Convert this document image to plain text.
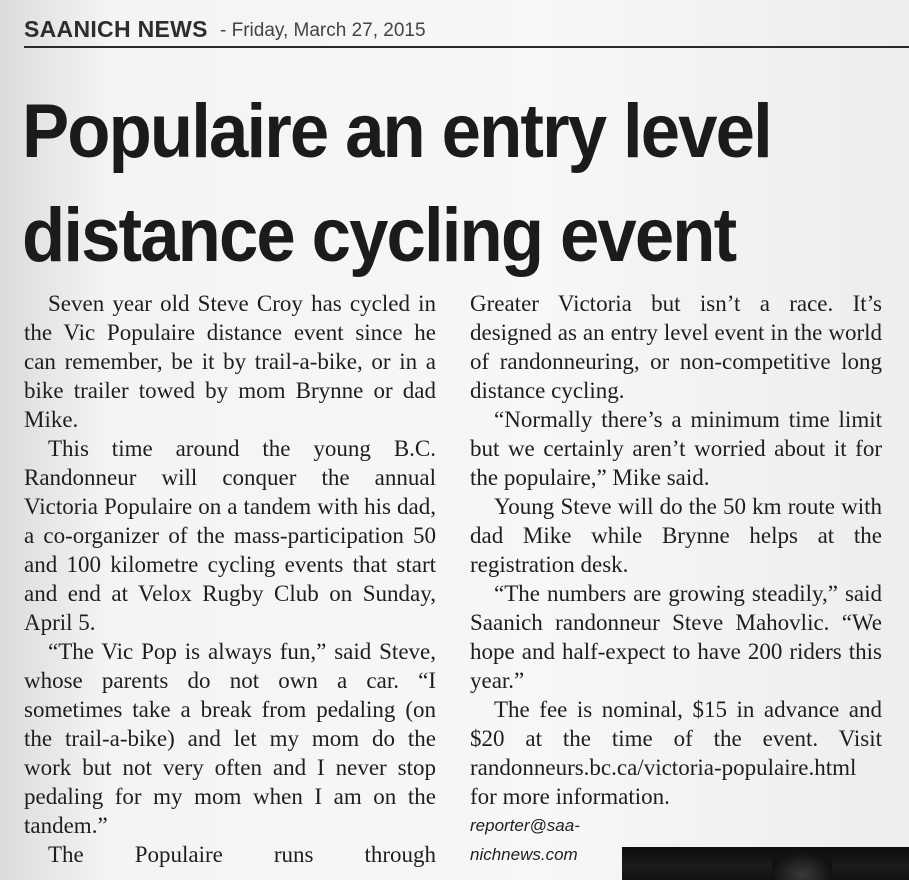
SAANICH NEWS - Friday, March 27, 2015
Populaire an entry level distance cycling event

Seven year old Steve Croy has cycled in the Vic Populaire distance event since he can remember, be it by trail-a-bike, or in a bike trailer towed by mom Brynne or dad Mike.

This time around the young B.C. Randonneur will conquer the annual Victoria Populaire on a tandem with his dad, a co-organizer of the mass-participation 50 and 100 kilometre cycling events that start and end at Velox Rugby Club on Sunday, April 5.

“The Vic Pop is always fun,” said Steve, whose parents do not own a car. “I sometimes take a break from pedaling (on the trail-a-bike) and let my mom do the work but not very often and I never stop pedaling for my mom when I am on the tandem.”

The Populaire runs through

Greater Victoria but isn’t a race. It’s designed as an entry level event in the world of randonneuring, or non-competitive long distance cycling.

“Normally there’s a minimum time limit but we certainly aren’t worried about it for the populaire,” Mike said.

Young Steve will do the 50 km route with dad Mike while Brynne helps at the registration desk.

“The numbers are growing steadily,” said Saanich randonneur Steve Mahovlic. “We hope and half-expect to have 200 riders this year.”

The fee is nominal, $15 in advance and $20 at the time of the event. Visit randonneurs.bc.ca/victoria-populaire.html for more information.

reporter@saa-nichnews.com
